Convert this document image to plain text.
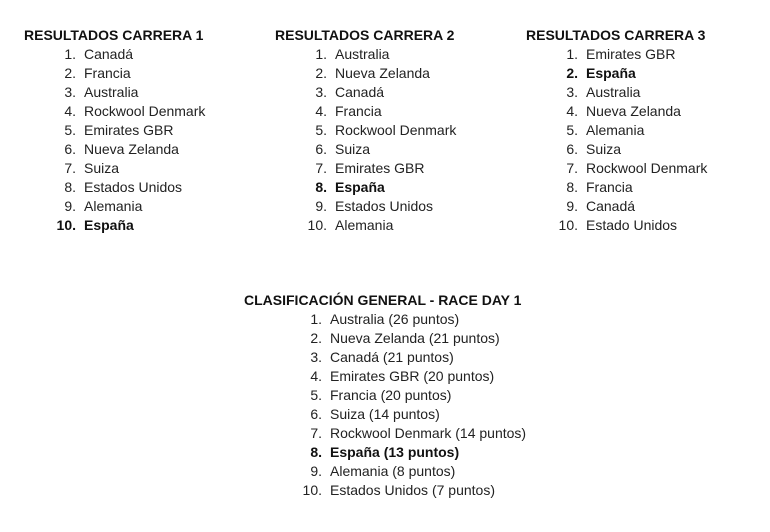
RESULTADOS CARRERA 1
1. Canadá
2. Francia
3. Australia
4. Rockwool Denmark
5. Emirates GBR
6. Nueva Zelanda
7. Suiza
8. Estados Unidos
9. Alemania
10. España
RESULTADOS CARRERA 2
1. Australia
2. Nueva Zelanda
3. Canadá
4. Francia
5. Rockwool Denmark
6. Suiza
7. Emirates GBR
8. España
9. Estados Unidos
10. Alemania
RESULTADOS CARRERA 3
1. Emirates GBR
2. España
3. Australia
4. Nueva Zelanda
5. Alemania
6. Suiza
7. Rockwool Denmark
8. Francia
9. Canadá
10. Estado Unidos
CLASIFICACIÓN GENERAL - RACE DAY 1
1. Australia (26 puntos)
2. Nueva Zelanda (21 puntos)
3. Canadá (21 puntos)
4. Emirates GBR (20 puntos)
5. Francia (20 puntos)
6. Suiza (14 puntos)
7. Rockwool Denmark (14 puntos)
8. España (13 puntos)
9. Alemania (8 puntos)
10. Estados Unidos (7 puntos)
